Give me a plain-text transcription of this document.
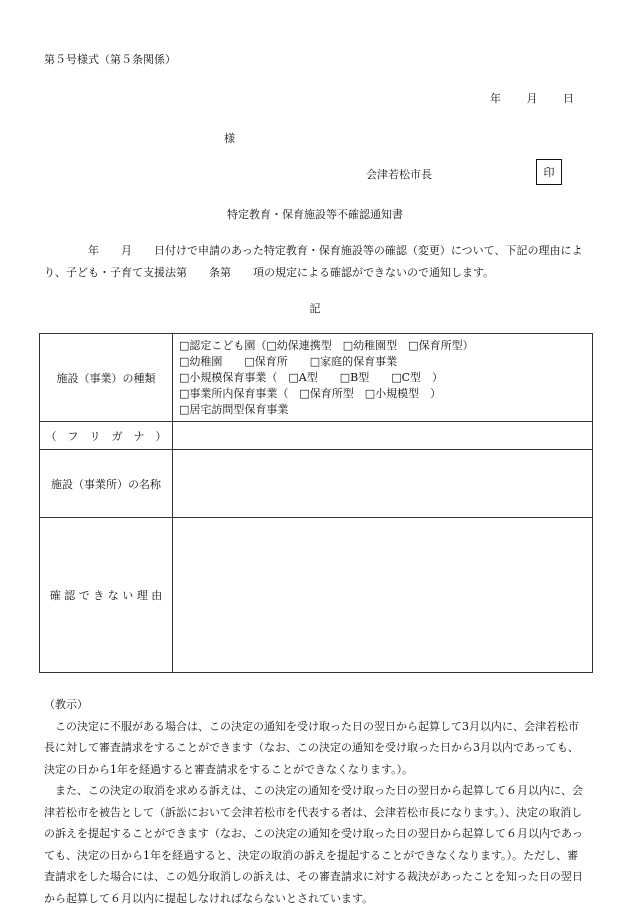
第５号様式（第５条関係）
年 月 日
様
会津若松市長	印
特定教育・保育施設等不確認通知書
　　　　年　　月　　日付けで申請のあった特定教育・保育施設等の確認（変更）について、下記の理由により、子ども・子育て支援法第　　条第　　項の規定による確認ができないので通知します。
記
施設（事業）の種類	□認定こども園（□幼保連携型　□幼稚園型　□保育所型）
□幼稚園　　□保育所　　□家庭的保育事業
□小規模保育事業（　□A型　　□B型　　□C型　）
□事業所内保育事業（　□保育所型　□小規模型　）
□居宅訪問型保育事業

（　フ　リ　ガ　ナ　）	
施設（事業所）の名称	
確 認 で き な い 理 由	

（教示）

この決定に不服がある場合は、この決定の通知を受け取った日の翌日から起算して3月以内に、会津若松市長に対して審査請求をすることができます（なお、この決定の通知を受け取った日から3月以内であっても、決定の日から1年を経過すると審査請求をすることができなくなります。）。

また、この決定の取消を求める訴えは、この決定の通知を受け取った日の翌日から起算して６月以内に、会津若松市を被告として（訴訟において会津若松市を代表する者は、会津若松市長になります。）、決定の取消しの訴えを提起することができます（なお、この決定の通知を受け取った日の翌日から起算して６月以内であっても、決定の日から1年を経過すると、決定の取消の訴えを提起することができなくなります。）。ただし、審査請求をした場合には、この処分取消しの訴えは、その審査請求に対する裁決があったことを知った日の翌日から起算して６月以内に提起しなければならないとされています。
